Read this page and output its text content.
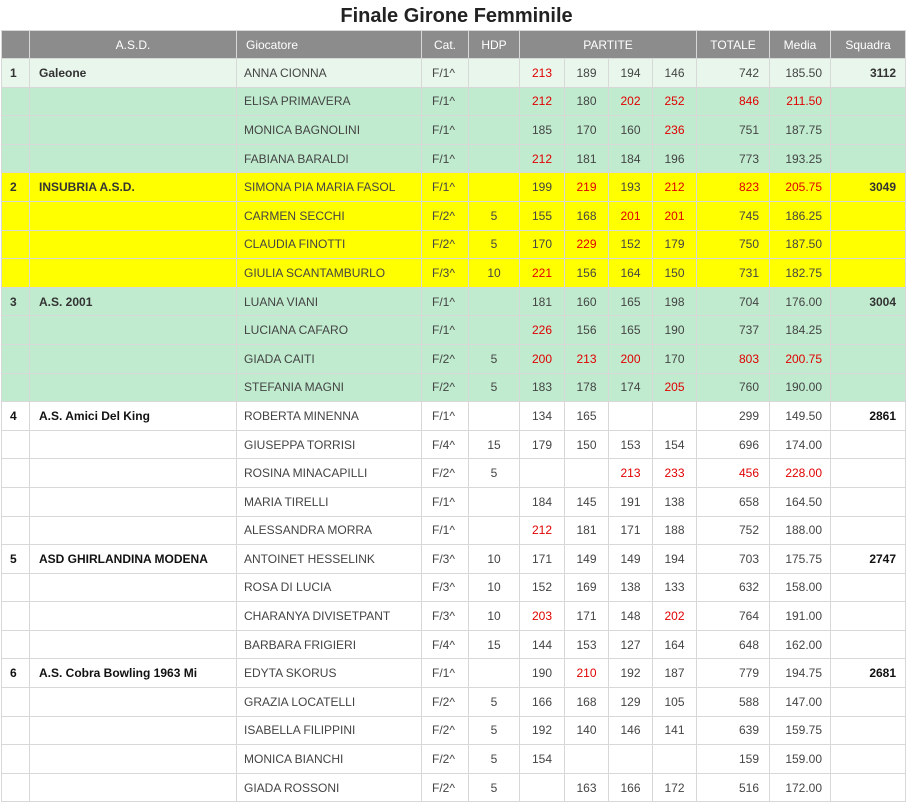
Finale Girone Femminile
	A.S.D.	Giocatore	Cat.	HDP	PARTITE				TOTALE	Media	Squadra
1	Galeone	ANNA CIONNA	F/1^		213	189	194	146	742	185.50	3112
		ELISA PRIMAVERA	F/1^		212	180	202	252	846	211.50	
		MONICA BAGNOLINI	F/1^		185	170	160	236	751	187.75	
		FABIANA BARALDI	F/1^		212	181	184	196	773	193.25	
2	INSUBRIA A.S.D.	SIMONA PIA MARIA FASOL	F/1^		199	219	193	212	823	205.75	3049
		CARMEN SECCHI	F/2^	5	155	168	201	201	745	186.25	
		CLAUDIA FINOTTI	F/2^	5	170	229	152	179	750	187.50	
		GIULIA SCANTAMBURLO	F/3^	10	221	156	164	150	731	182.75	
3	A.S. 2001	LUANA VIANI	F/1^		181	160	165	198	704	176.00	3004
		LUCIANA CAFARO	F/1^		226	156	165	190	737	184.25	
		GIADA CAITI	F/2^	5	200	213	200	170	803	200.75	
		STEFANIA MAGNI	F/2^	5	183	178	174	205	760	190.00	
4	A.S. Amici Del King	ROBERTA MINENNA	F/1^		134	165			299	149.50	2861
		GIUSEPPA TORRISI	F/4^	15	179	150	153	154	696	174.00	
		ROSINA MINACAPILLI	F/2^	5			213	233	456	228.00	
		MARIA TIRELLI	F/1^		184	145	191	138	658	164.50	
		ALESSANDRA MORRA	F/1^		212	181	171	188	752	188.00	
5	ASD GHIRLANDINA MODENA	ANTOINET HESSELINK	F/3^	10	171	149	149	194	703	175.75	2747
		ROSA DI LUCIA	F/3^	10	152	169	138	133	632	158.00	
		CHARANYA DIVISETPANT	F/3^	10	203	171	148	202	764	191.00	
		BARBARA FRIGIERI	F/4^	15	144	153	127	164	648	162.00	
6	A.S. Cobra Bowling 1963 Mi	EDYTA SKORUS	F/1^		190	210	192	187	779	194.75	2681
		GRAZIA LOCATELLI	F/2^	5	166	168	129	105	588	147.00	
		ISABELLA FILIPPINI	F/2^	5	192	140	146	141	639	159.75	
		MONICA BIANCHI	F/2^	5	154				159	159.00	
		GIADA ROSSONI	F/2^	5		163	166	172	516	172.00	
